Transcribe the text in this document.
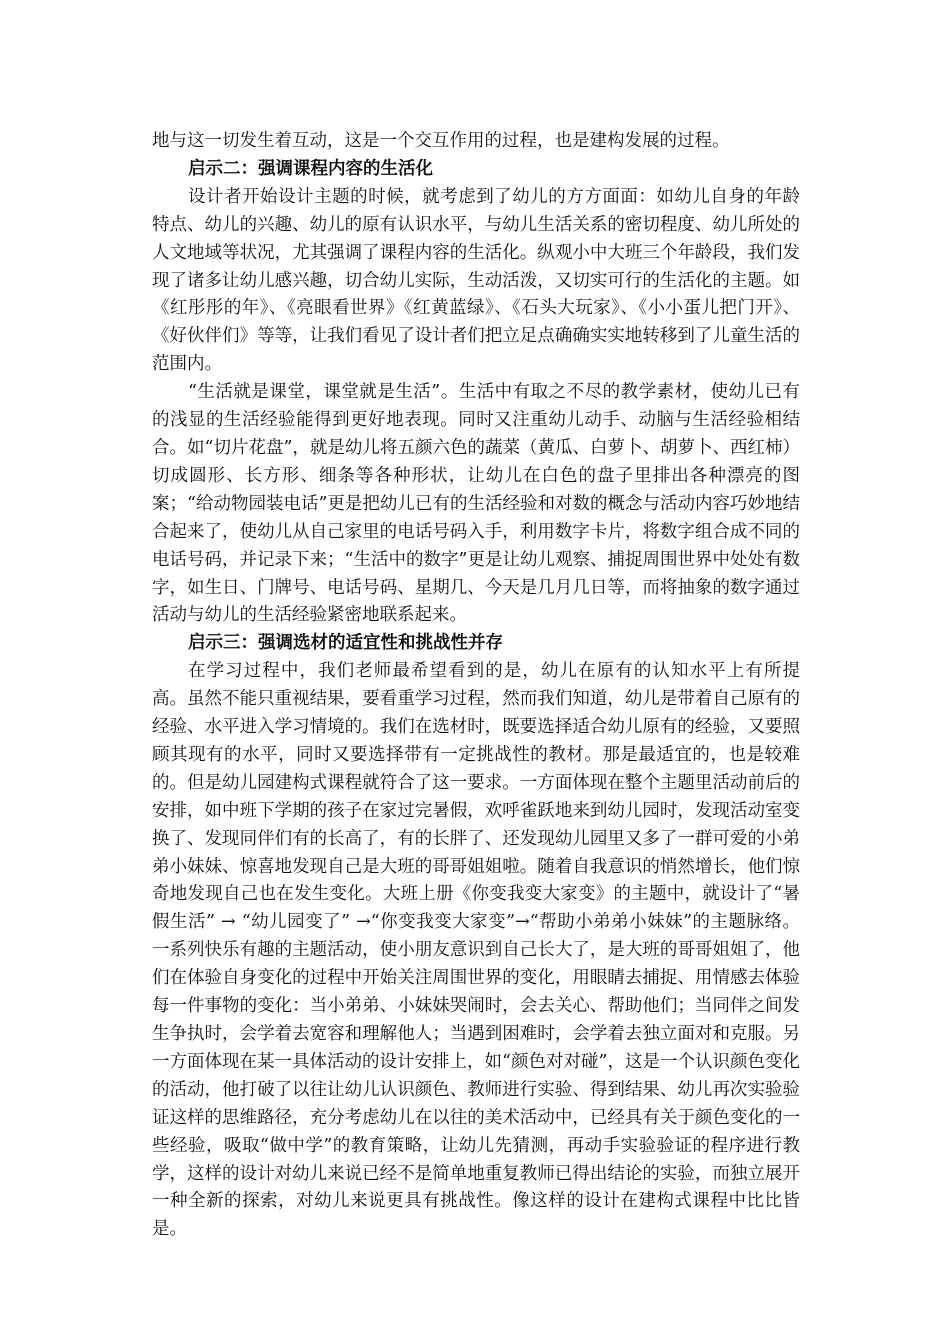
地与这一切发生着互动，这是一个交互作用的过程，也是建构发展的过程。

启示二：强调课程内容的生活化

设计者开始设计主题的时候，就考虑到了幼儿的方方面面：如幼儿自身的年龄特点、幼儿的兴趣、幼儿的原有认识水平，与幼儿生活关系的密切程度、幼儿所处的人文地域等状况，尤其强调了课程内容的生活化。纵观小中大班三个年龄段，我们发现了诸多让幼儿感兴趣，切合幼儿实际，生动活泼，又切实可行的生活化的主题。如《红彤彤的年》、《亮眼看世界》《红黄蓝绿》、《石头大玩家》、《小小蛋儿把门开》、《好伙伴们》等等，让我们看见了设计者们把立足点确确实实地转移到了儿童生活的范围内。

“生活就是课堂，课堂就是生活”。生活中有取之不尽的教学素材，使幼儿已有的浅显的生活经验能得到更好地表现。同时又注重幼儿动手、动脑与生活经验相结合。如“切片花盘”，就是幼儿将五颜六色的蔬菜（黄瓜、白萝卜、胡萝卜、西红柿）切成圆形、长方形、细条等各种形状，让幼儿在白色的盘子里排出各种漂亮的图案；“给动物园装电话”更是把幼儿已有的生活经验和对数的概念与活动内容巧妙地结合起来了，使幼儿从自己家里的电话号码入手，利用数字卡片，将数字组合成不同的电话号码，并记录下来；“生活中的数字”更是让幼儿观察、捕捉周围世界中处处有数字，如生日、门牌号、电话号码、星期几、今天是几月几日等，而将抽象的数字通过活动与幼儿的生活经验紧密地联系起来。

启示三：强调选材的适宜性和挑战性并存

在学习过程中，我们老师最希望看到的是，幼儿在原有的认知水平上有所提高。虽然不能只重视结果，要看重学习过程，然而我们知道，幼儿是带着自己原有的经验、水平进入学习情境的。我们在选材时，既要选择适合幼儿原有的经验，又要照顾其现有的水平，同时又要选择带有一定挑战性的教材。那是最适宜的，也是较难的。但是幼儿园建构式课程就符合了这一要求。一方面体现在整个主题里活动前后的安排，如中班下学期的孩子在家过完暑假，欢呼雀跃地来到幼儿园时，发现活动室变换了、发现同伴们有的长高了，有的长胖了、还发现幼儿园里又多了一群可爱的小弟弟小妹妹、惊喜地发现自己是大班的哥哥姐姐啦。随着自我意识的悄然增长，他们惊奇地发现自己也在发生变化。大班上册《你变我变大家变》的主题中，就设计了“暑假生活” → “幼儿园变了” →“你变我变大家变”→“帮助小弟弟小妹妹”的主题脉络。一系列快乐有趣的主题活动，使小朋友意识到自己长大了，是大班的哥哥姐姐了，他们在体验自身变化的过程中开始关注周围世界的变化，用眼睛去捕捉、用情感去体验每一件事物的变化：当小弟弟、小妹妹哭闹时，会去关心、帮助他们；当同伴之间发生争执时，会学着去宽容和理解他人；当遇到困难时，会学着去独立面对和克服。另一方面体现在某一具体活动的设计安排上，如“颜色对对碰”，这是一个认识颜色变化的活动，他打破了以往让幼儿认识颜色、教师进行实验、得到结果、幼儿再次实验验证这样的思维路径，充分考虑幼儿在以往的美术活动中，已经具有关于颜色变化的一些经验，吸取“做中学”的教育策略，让幼儿先猜测，再动手实验验证的程序进行教学，这样的设计对幼儿来说已经不是简单地重复教师已得出结论的实验，而独立展开一种全新的探索，对幼儿来说更具有挑战性。像这样的设计在建构式课程中比比皆是。
